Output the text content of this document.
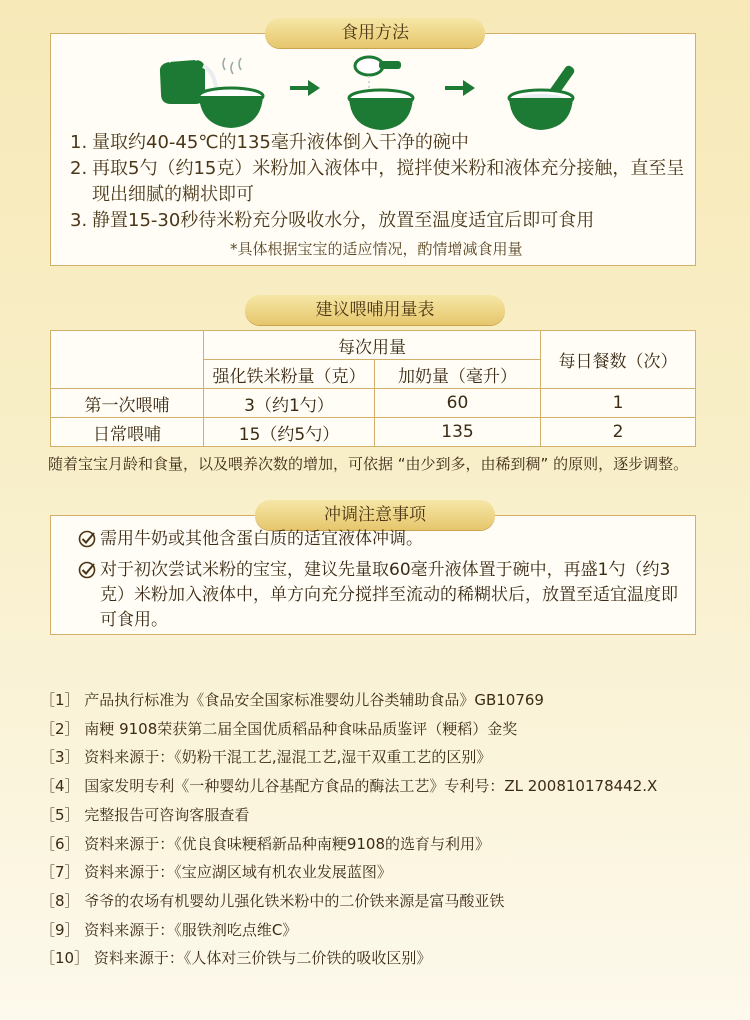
食用方法
1. 量取约40-45℃的135毫升液体倒入干净的碗中
2. 再取5勺（约15克）米粉加入液体中，搅拌使米粉和液体充分接触，直至呈现出细腻的糊状即可
3. 静置15-30秒待米粉充分吸收水分，放置至温度适宜后即可食用
*具体根据宝宝的适应情况，酌情增减食用量
建议喂哺用量表
	每次用量		每日餐数（次）
	强化铁米粉量（克）	加奶量（毫升）	
第一次喂哺	3（约1勺）	60	1
日常喂哺	15（约5勺）	135	2
随着宝宝月龄和食量，以及喂养次数的增加，可依据 “由少到多，由稀到稠” 的原则，逐步调整。
冲调注意事项
需用牛奶或其他含蛋白质的适宜液体冲调。
对于初次尝试米粉的宝宝，建议先量取60毫升液体置于碗中，再盛1勺（约3克）米粉加入液体中，单方向充分搅拌至流动的稀糊状后，放置至适宜温度即可食用。
［1］ 产品执行标准为《食品安全国家标准婴幼儿谷类辅助食品》GB10769
［2］ 南粳 9108荣获第二届全国优质稻品种食味品质鉴评（粳稻）金奖
［3］ 资料来源于：《奶粉干混工艺,湿混工艺,湿干双重工艺的区别》
［4］ 国家发明专利《一种婴幼儿谷基配方食品的酶法工艺》专利号：ZL 200810178442.X
［5］ 完整报告可咨询客服查看
［6］ 资料来源于：《优良食味粳稻新品种南粳9108的选育与利用》
［7］ 资料来源于：《宝应湖区域有机农业发展蓝图》
［8］ 爷爷的农场有机婴幼儿强化铁米粉中的二价铁来源是富马酸亚铁
［9］ 资料来源于：《服铁剂吃点维C》
［10］ 资料来源于：《人体对三价铁与二价铁的吸收区别》
